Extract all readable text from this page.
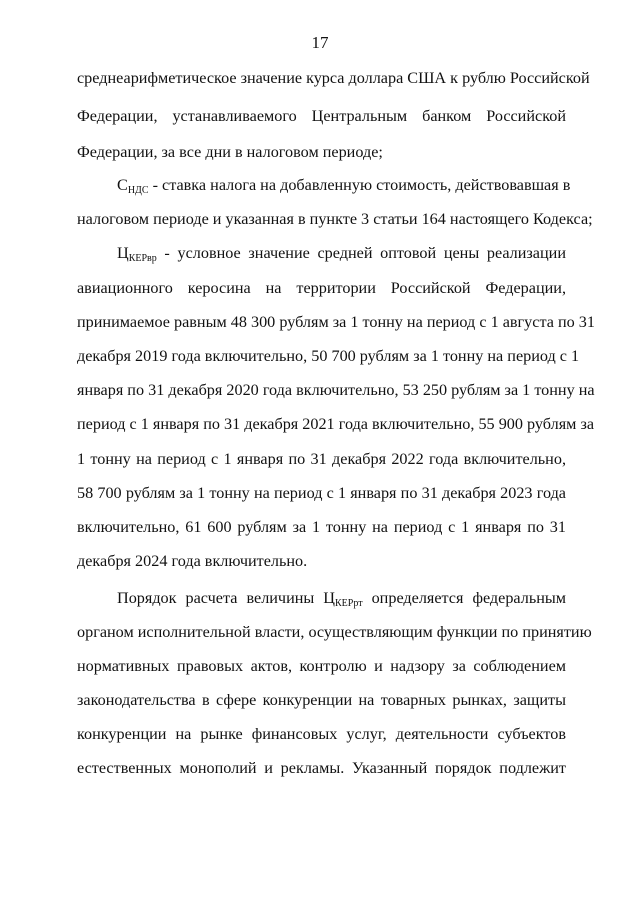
17
среднеарифметическое значение курса доллара США к рублю Российской
Федерации, устанавливаемого Центральным банком Российской
Федерации, за все дни в налоговом периоде;
$С_{НДС}$ - ставка налога на добавленную стоимость, действовавшая в
налоговом периоде и указанная в пункте 3 статьи 164 настоящего Кодекса;
$Ц_{КЕРвр}$ - условное значение средней оптовой цены реализации
авиационного керосина на территории Российской Федерации,
принимаемое равным 48 300 рублям за 1 тонну на период с 1 августа по 31
декабря 2019 года включительно, 50 700 рублям за 1 тонну на период с 1
января по 31 декабря 2020 года включительно, 53 250 рублям за 1 тонну на
период с 1 января по 31 декабря 2021 года включительно, 55 900 рублям за
1 тонну на период с 1 января по 31 декабря 2022 года включительно,
58 700 рублям за 1 тонну на период с 1 января по 31 декабря 2023 года
включительно, 61 600 рублям за 1 тонну на период с 1 января по 31
декабря 2024 года включительно.
Порядок расчета величины $Ц_{КЕРрт}$ определяется федеральным
органом исполнительной власти, осуществляющим функции по принятию
нормативных правовых актов, контролю и надзору за соблюдением
законодательства в сфере конкуренции на товарных рынках, защиты
конкуренции на рынке финансовых услуг, деятельности субъектов
естественных монополий и рекламы. Указанный порядок подлежит
